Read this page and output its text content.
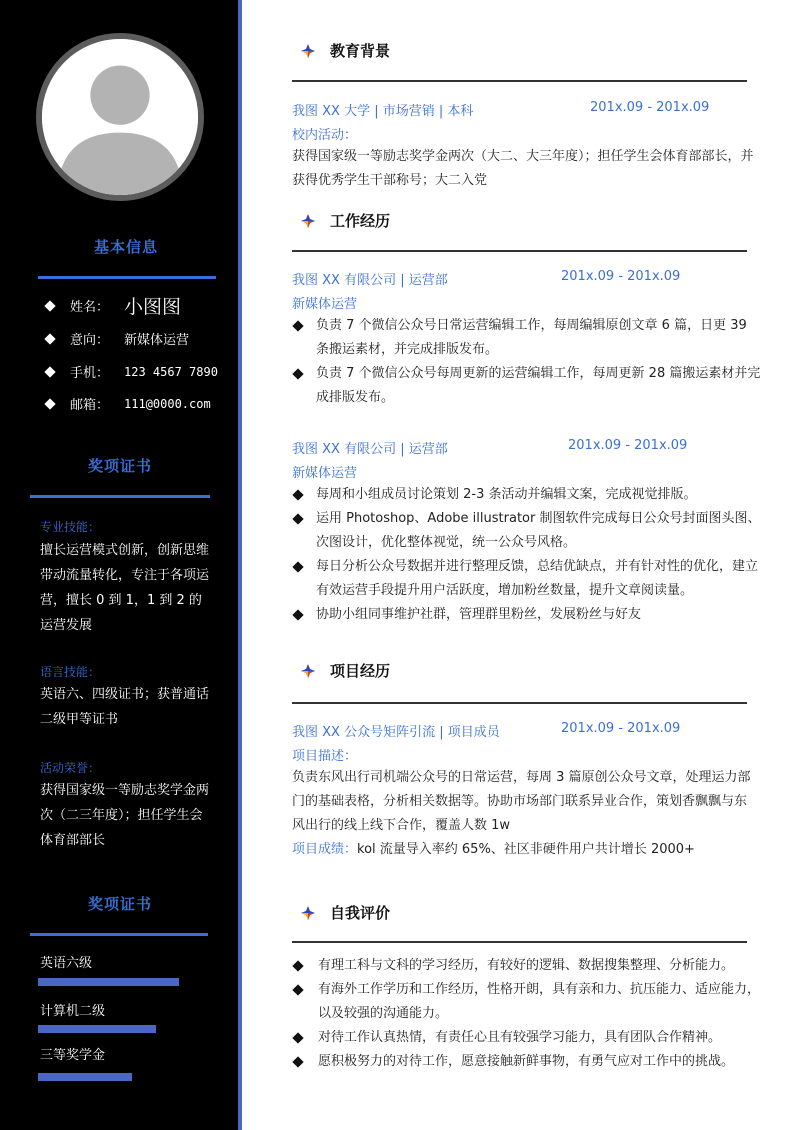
基本信息
姓名： 小图图
意向：	新媒体运营
手机：	123 4567 7890
邮箱：	111@0000.com
奖项证书
专业技能：
擅长运营模式创新，创新思维带动流量转化，专注于各项运营，擅长 0 到 1，1 到 2 的运营发展
语言技能：
英语六、四级证书；获普通话二级甲等证书
活动荣誉：
获得国家级一等励志奖学金两次（二三年度）；担任学生会体育部部长
奖项证书
英语六级
计算机二级
三等奖学金
教育背景
我图 XX 大学 | 市场营销 | 本科	201x.09 - 201x.09
校内活动：
获得国家级一等励志奖学金两次（大二、大三年度）；担任学生会体育部部长，并获得优秀学生干部称号；大二入党
工作经历
我图 XX 有限公司 | 运营部	201x.09 - 201x.09
新媒体运营
负责 7 个微信公众号日常运营编辑工作，每周编辑原创文章 6 篇，日更 39 条搬运素材，并完成排版发布。
负责 7 个微信公众号每周更新的运营编辑工作，每周更新 28 篇搬运素材并完成排版发布。
我图 XX 有限公司 | 运营部	201x.09 - 201x.09
新媒体运营
每周和小组成员讨论策划 2-3 条活动并编辑文案，完成视觉排版。
运用 Photoshop、Adobe illustrator 制图软件完成每日公众号封面图头图、次图设计，优化整体视觉，统一公众号风格。
每日分析公众号数据并进行整理反馈，总结优缺点，并有针对性的优化，建立有效运营手段提升用户活跃度，增加粉丝数量，提升文章阅读量。
协助小组同事维护社群，管理群里粉丝，发展粉丝与好友
项目经历
我图 XX 公众号矩阵引流 | 项目成员	201x.09 - 201x.09
项目描述：
负责东风出行司机端公众号的日常运营，每周 3 篇原创公众号文章，处理运力部门的基础表格，分析相关数据等。协助市场部门联系异业合作，策划香飘飘与东风出行的线上线下合作，覆盖人数 1w
项目成绩：kol 流量导入率约 65%、社区非硬件用户共计增长 2000+
自我评价
有理工科与文科的学习经历，有较好的逻辑、数据搜集整理、分析能力。
有海外工作学历和工作经历，性格开朗，具有亲和力、抗压能力、适应能力，以及较强的沟通能力。
对待工作认真热情，有责任心且有较强学习能力，具有团队合作精神。
愿积极努力的对待工作，愿意接触新鲜事物，有勇气应对工作中的挑战。
